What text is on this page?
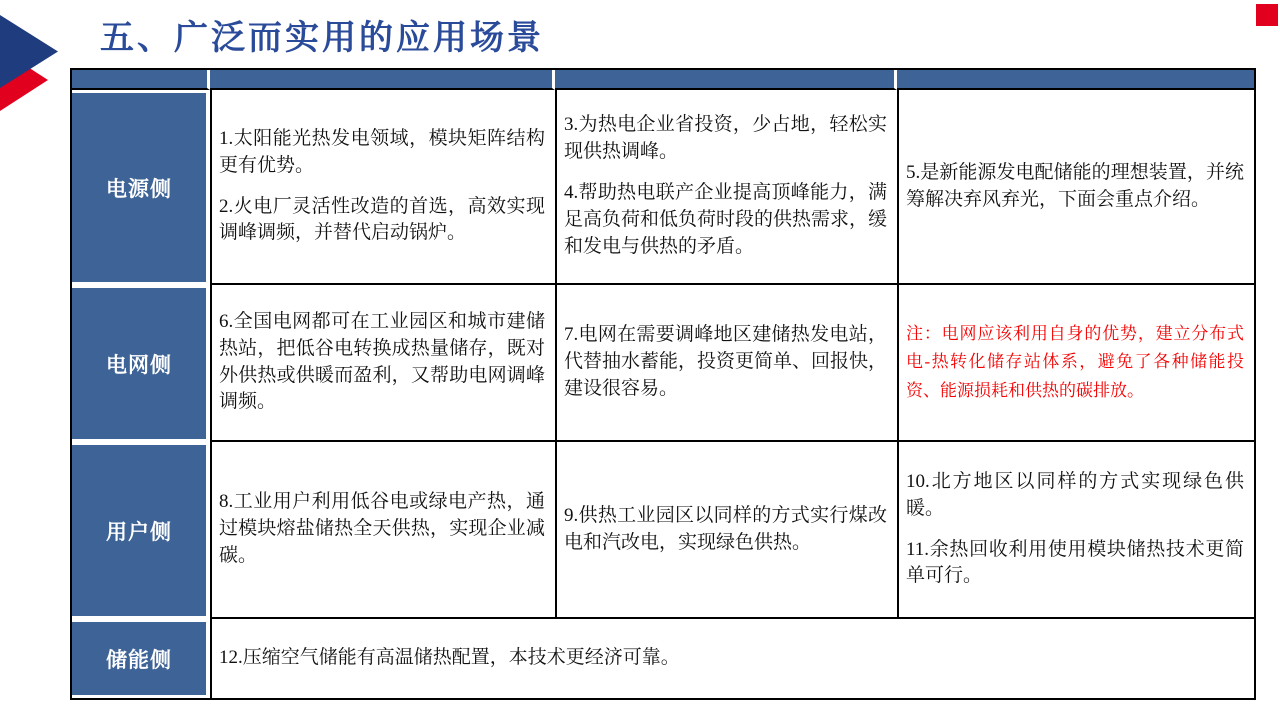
五、广泛而实用的应用场景
电源侧

1.太阳能光热发电领域，模块矩阵结构更有优势。

2.火电厂灵活性改造的首选，高效实现调峰调频，并替代启动锅炉。

3.为热电企业省投资，少占地，轻松实现供热调峰。

4.帮助热电联产企业提高顶峰能力，满足高负荷和低负荷时段的供热需求，缓和发电与供热的矛盾。

5.是新能源发电配储能的理想装置，并统筹解决弃风弃光，下面会重点介绍。

电网侧

6.全国电网都可在工业园区和城市建储热站，把低谷电转换成热量储存，既对外供热或供暖而盈利，又帮助电网调峰调频。

7.电网在需要调峰地区建储热发电站，代替抽水蓄能，投资更简单、回报快，建设很容易。

注：电网应该利用自身的优势，建立分布式电-热转化储存站体系，避免了各种储能投资、能源损耗和供热的碳排放。

用户侧

8.工业用户利用低谷电或绿电产热，通过模块熔盐储热全天供热，实现企业减碳。

9.供热工业园区以同样的方式实行煤改电和汽改电，实现绿色供热。

10.北方地区以同样的方式实现绿色供暖。

11.余热回收利用使用模块储热技术更简单可行。

储能侧 12.压缩空气储能有高温储热配置，本技术更经济可靠。
